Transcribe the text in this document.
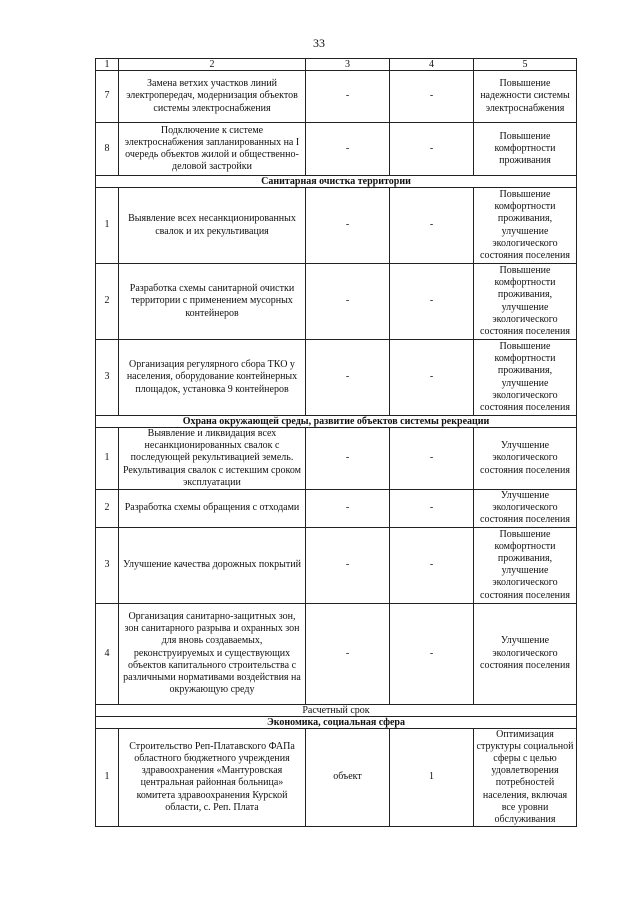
33
1	2	3	4	5
7	Замена ветхих участков линий электропередач, модернизация объектов системы электроснабжения	-	-	Повышение надежности системы электроснабжения
8	Подключение к системе электроснабжения запланированных на I очередь объектов жилой и общественно-деловой застройки	-	-	Повышение комфортности проживания
Санитарная очистка территории				
1	Выявление всех несанкционированных свалок и их рекультивация	-	-	Повышение комфортности проживания, улучшение экологического состояния поселения
2	Разработка схемы санитарной очистки территории с применением мусорных контейнеров	-	-	Повышение комфортности проживания, улучшение экологического состояния поселения
3	Организация регулярного сбора ТКО у населения, оборудование контейнерных площадок, установка 9 контейнеров	-	-	Повышение комфортности проживания, улучшение экологического состояния поселения
Охрана окружающей среды, развитие объектов системы рекреации				
1	Выявление и ликвидация всех несанкционированных свалок с последующей рекультивацией земель. Рекультивация свалок с истекшим сроком эксплуатации	-	-	Улучшение экологического состояния поселения
2	Разработка схемы обращения с отходами	-	-	Улучшение экологического состояния поселения
3	Улучшение качества дорожных покрытий	-	-	Повышение комфортности проживания, улучшение экологического состояния поселения
4	Организация санитарно-защитных зон, зон санитарного разрыва и охранных зон для вновь создаваемых, реконструируемых и существующих объектов капитального строительства с различными нормативами воздействия на окружающую среду	-	-	Улучшение экологического состояния поселения
Расчетный срок				
Экономика, социальная сфера				
1	Строительство Реп-Платавского ФАПа областного бюджетного учреждения здравоохранения «Мантуровская центральная районная больница» комитета здравоохранения Курской области, с. Реп. Плата	объект	1	Оптимизация структуры социальной сферы с целью удовлетворения потребностей населения, включая все уровни обслуживания
